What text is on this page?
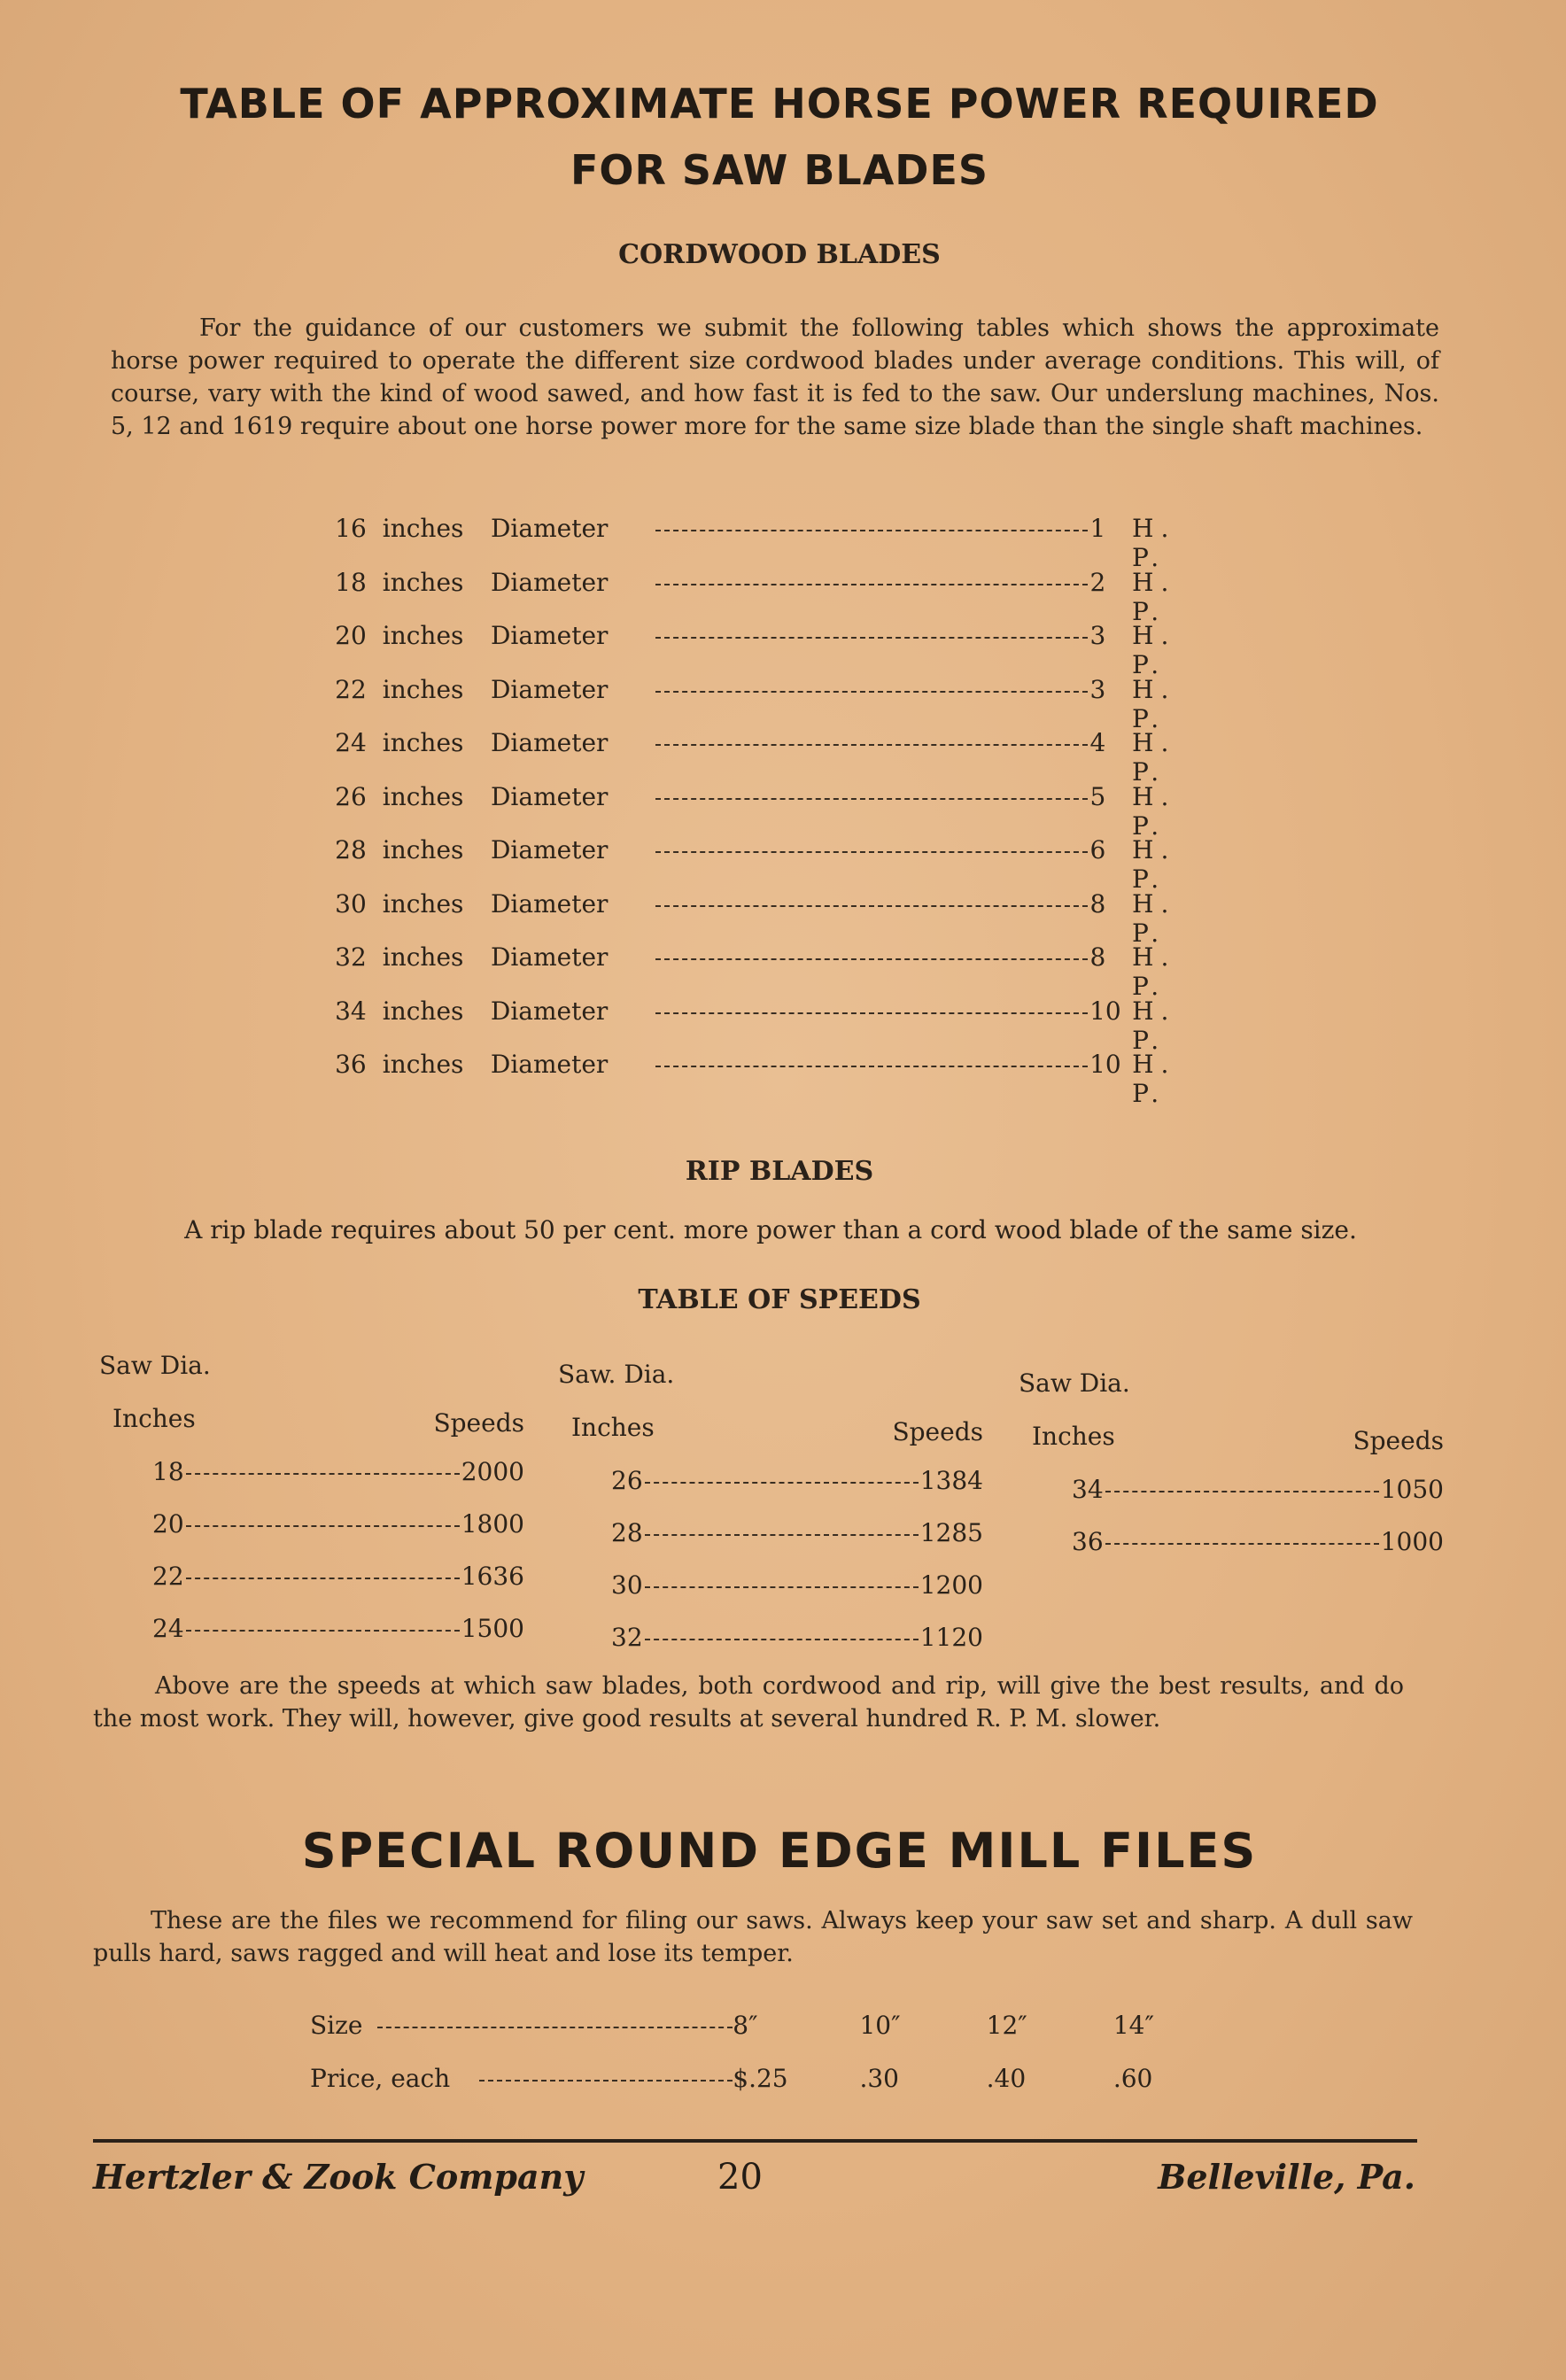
TABLE OF APPROXIMATE HORSE POWER REQUIRED
FOR SAW BLADES
CORDWOOD BLADES
For the guidance of our customers we submit the following tables which shows the approximate horse power required to operate the different size cordwood blades under average conditions. This will, of course, vary with the kind of wood sawed, and how fast it is fed to the saw. Our underslung machines, Nos. 5, 12 and 1619 require about one horse power more for the same size blade than the single shaft machines.
16 inches	Diameter	1	H. P.
18 inches	Diameter	2	H. P.
20 inches	Diameter	3	H. P.
22 inches	Diameter	3	H. P.
24 inches	Diameter	4	H. P.
26 inches	Diameter	5	H. P.
28 inches	Diameter	6	H. P.
30 inches	Diameter	8	H. P.
32 inches	Diameter	8	H. P.
34 inches	Diameter	10 H. P.
36 inches	Diameter	10 H. P.
RIP BLADES
A rip blade requires about 50 per cent. more power than a cord wood blade of the same size.
TABLE OF SPEEDS
Saw Dia.
Inches	Speeds
18	2000
20	1800
22	1636
24	1500
Saw. Dia.
Inches	Speeds
26	1384
28	1285
30	1200
32	1120
Saw Dia.
Inches	Speeds
34	1050
36	1000
Above are the speeds at which saw blades, both cordwood and rip, will give the best results, and do the most work. They will, however, give good results at several hundred R. P. M. slower.
SPECIAL ROUND EDGE MILL FILES
These are the files we recommend for filing our saws. Always keep your saw set and sharp. A dull saw pulls hard, saws ragged and will heat and lose its temper.
Size	8″	10″	12″	14″
Price, each	$.25	.30	.40	.60
Hertzler & Zook Company	20	Belleville, Pa.
